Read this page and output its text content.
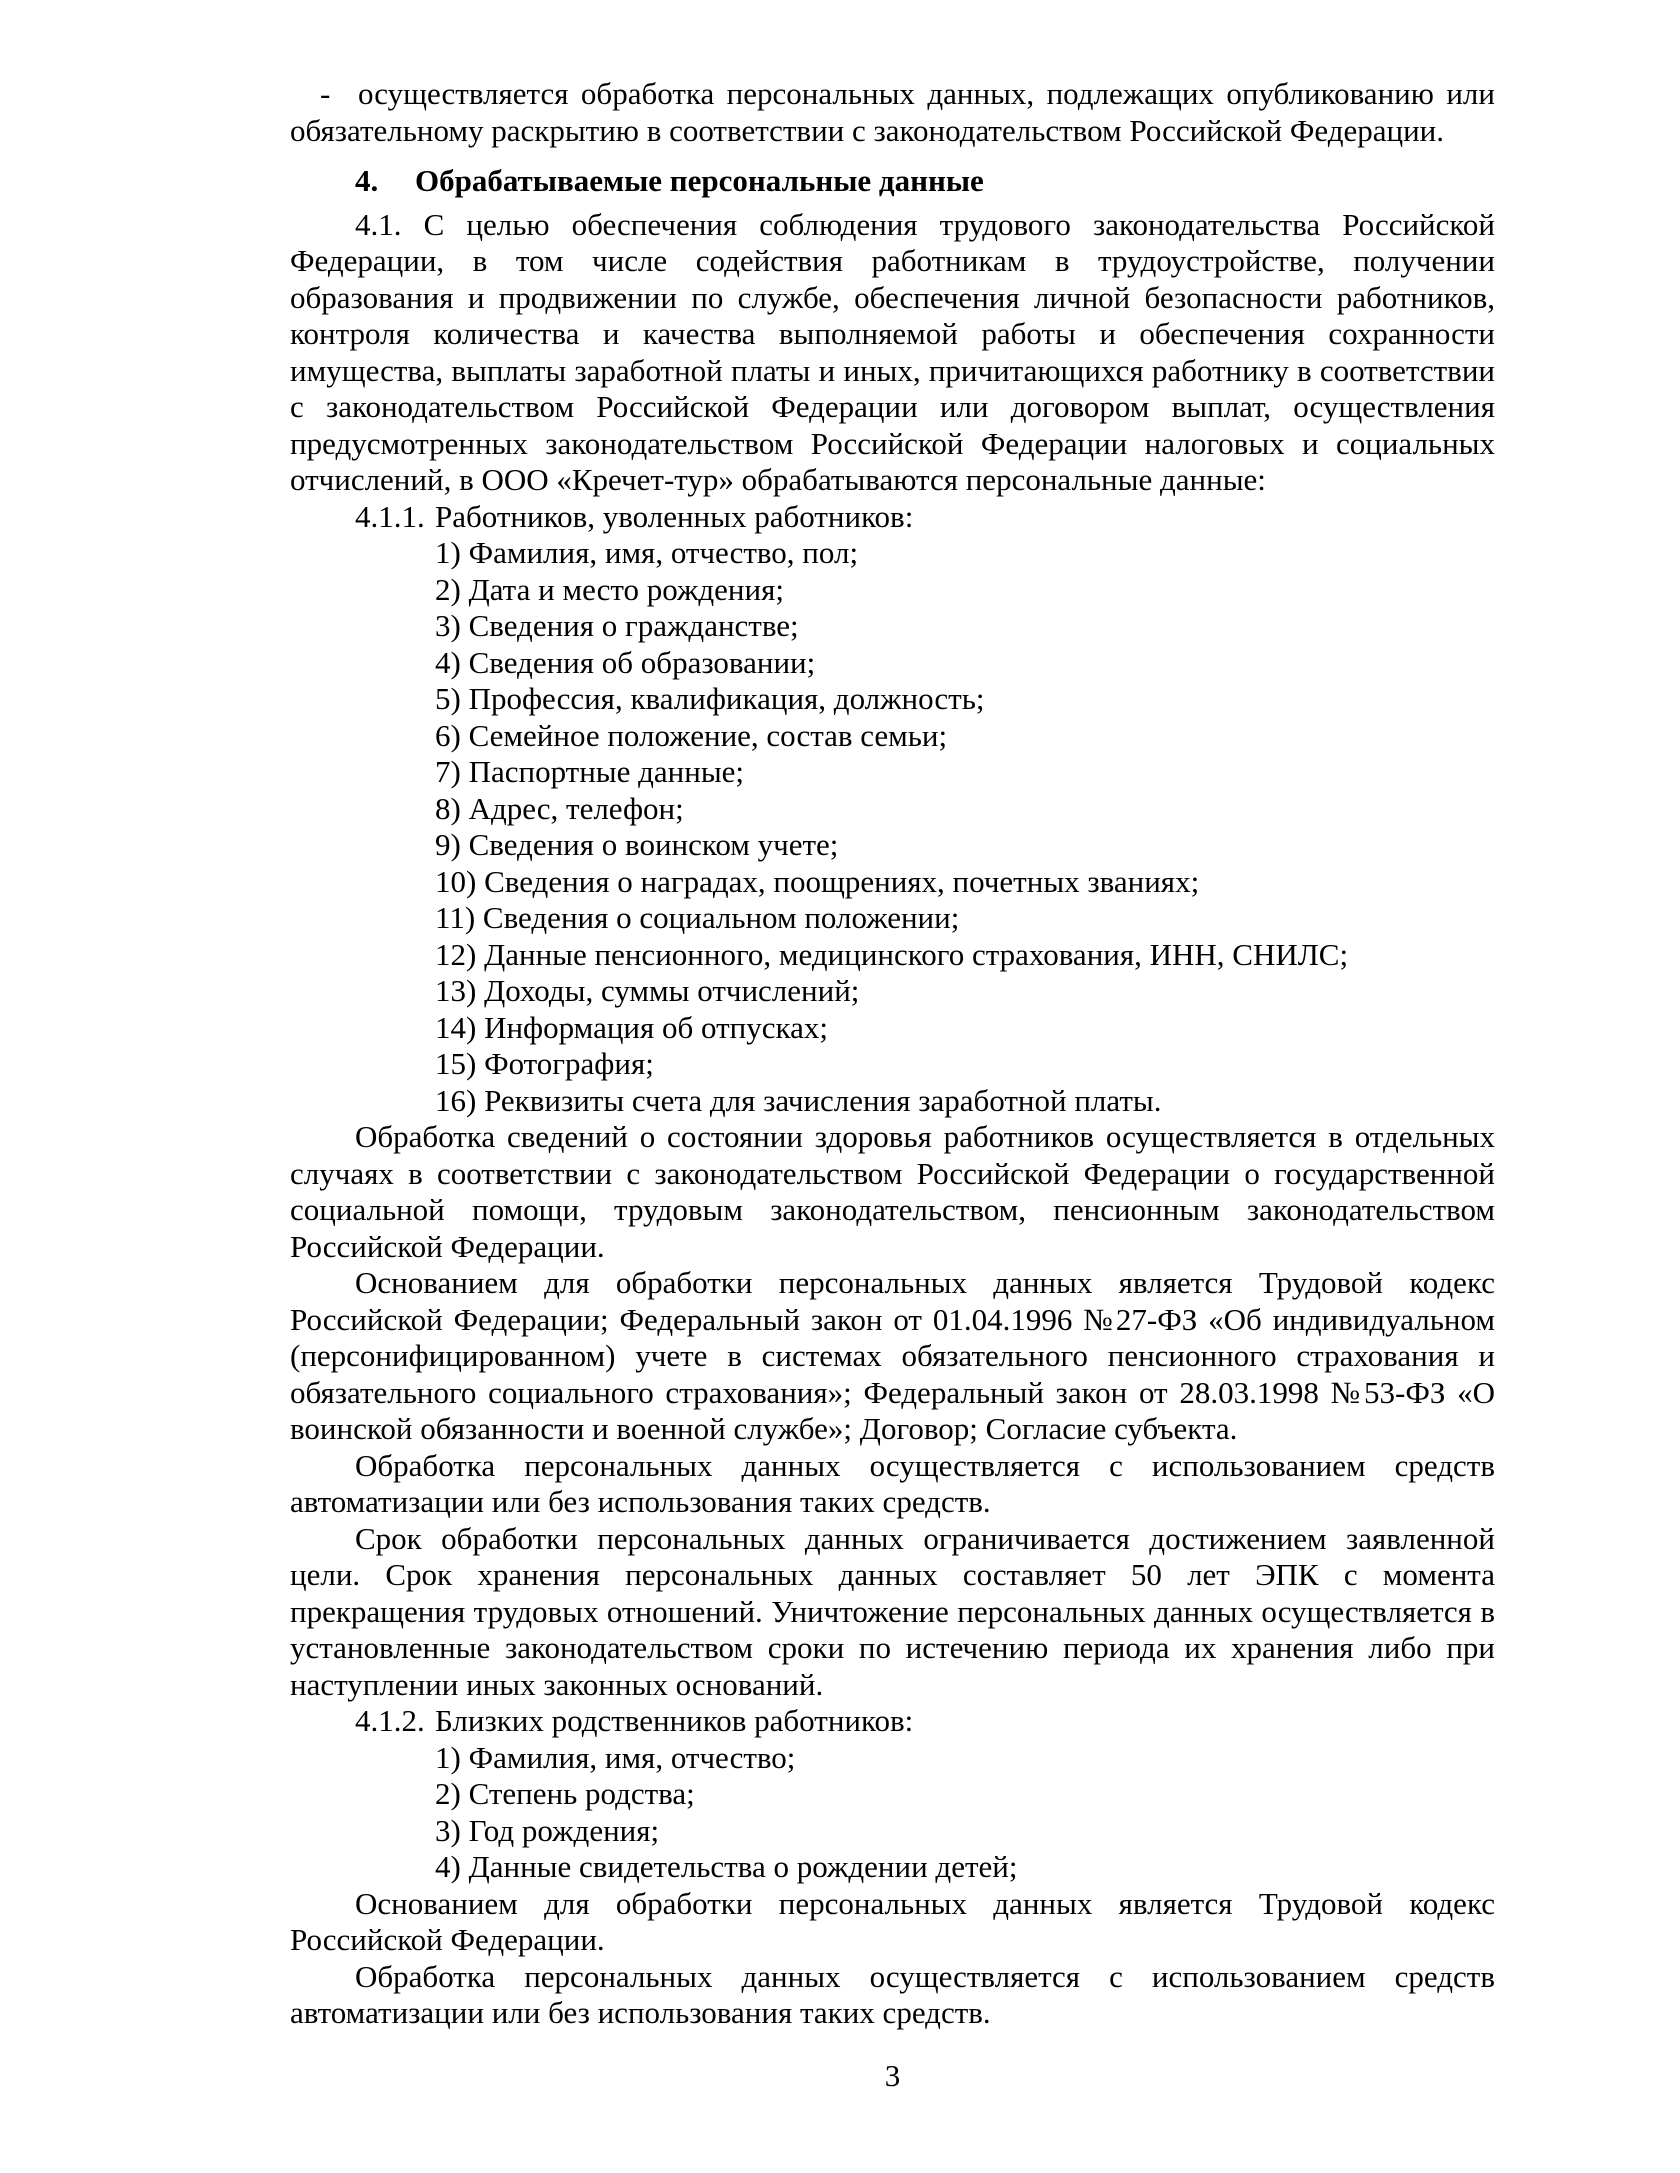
- осуществляется обработка персональных данных, подлежащих опубликованию или обязательному раскрытию в соответствии с законодательством Российской Федерации.

4. Обрабатываемые персональные данные

4.1. С целью обеспечения соблюдения трудового законодательства Российской Федерации, в том числе содействия работникам в трудоустройстве, получении образования и продвижении по службе, обеспечения личной безопасности работников, контроля количества и качества выполняемой работы и обеспечения сохранности имущества, выплаты заработной платы и иных, причитающихся работнику в соответствии с законодательством Российской Федерации или договором выплат, осуществления предусмотренных законодательством Российской Федерации налоговых и социальных отчислений, в ООО «Кречет-тур» обрабатываются персональные данные:

4.1.1. Работников, уволенных работников:

1) Фамилия, имя, отчество, пол;

2) Дата и место рождения;

3) Сведения о гражданстве;

4) Сведения об образовании;

5) Профессия, квалификация, должность;

6) Семейное положение, состав семьи;

7) Паспортные данные;

8) Адрес, телефон;

9) Сведения о воинском учете;

10) Сведения о наградах, поощрениях, почетных званиях;

11) Сведения о социальном положении;

12) Данные пенсионного, медицинского страхования, ИНН, СНИЛС;

13) Доходы, суммы отчислений;

14) Информация об отпусках;

15) Фотография;

16) Реквизиты счета для зачисления заработной платы.

Обработка сведений о состоянии здоровья работников осуществляется в отдельных случаях в соответствии с законодательством Российской Федерации о государственной социальной помощи, трудовым законодательством, пенсионным законодательством Российской Федерации.

Основанием для обработки персональных данных является Трудовой кодекс Российской Федерации; Федеральный закон от 01.04.1996 №27-ФЗ «Об индивидуальном (персонифицированном) учете в системах обязательного пенсионного страхования и обязательного социального страхования»; Федеральный закон от 28.03.1998 №53-ФЗ «О воинской обязанности и военной службе»; Договор; Согласие субъекта.

Обработка персональных данных осуществляется с использованием средств автоматизации или без использования таких средств.

Срок обработки персональных данных ограничивается достижением заявленной цели. Срок хранения персональных данных составляет 50 лет ЭПК с момента прекращения трудовых отношений. Уничтожение персональных данных осуществляется в установленные законодательством сроки по истечению периода их хранения либо при наступлении иных законных оснований.

4.1.2. Близких родственников работников:

1) Фамилия, имя, отчество;

2) Степень родства;

3) Год рождения;

4) Данные свидетельства о рождении детей;

Основанием для обработки персональных данных является Трудовой кодекс Российской Федерации.

Обработка персональных данных осуществляется с использованием средств автоматизации или без использования таких средств.

3
